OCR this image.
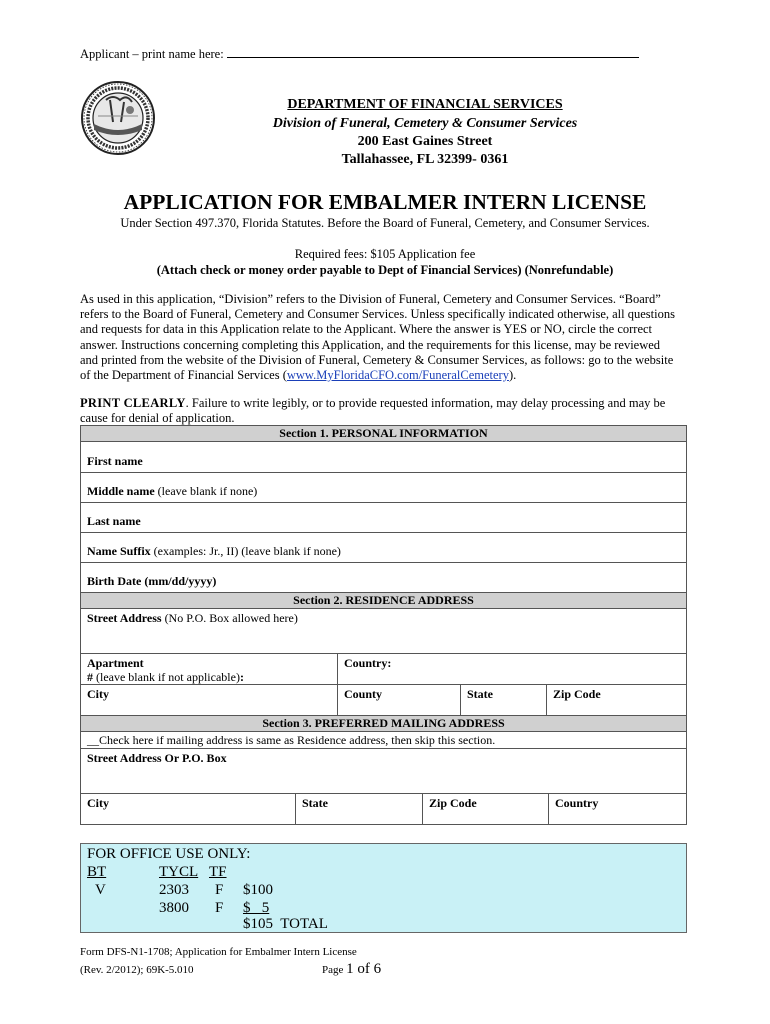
Applicant – print name here:
DEPARTMENT OF FINANCIAL SERVICES
Division of Funeral, Cemetery & Consumer Services
200 East Gaines Street
Tallahassee, FL 32399- 0361
APPLICATION FOR EMBALMER INTERN LICENSE
Under Section 497.370, Florida Statutes. Before the Board of Funeral, Cemetery, and Consumer Services.
Required fees: $105 Application fee
(Attach check or money order payable to Dept of Financial Services) (Nonrefundable)
As used in this application, “Division” refers to the Division of Funeral, Cemetery and Consumer Services. “Board” refers to the Board of Funeral, Cemetery and Consumer Services. Unless specifically indicated otherwise, all questions and requests for data in this Application relate to the Applicant. Where the answer is YES or NO, circle the correct answer. Instructions concerning completing this Application, and the requirements for this license, may be reviewed and printed from the website of the Division of Funeral, Cemetery & Consumer Services, as follows: go to the website of the Department of Financial Services (www.MyFloridaCFO.com/FuneralCemetery).
PRINT CLEARLY. Failure to write legibly, or to provide requested information, may delay processing and may be cause for denial of application.
Section 1. PERSONAL INFORMATION
First name
Middle name (leave blank if none)
Last name
Name Suffix (examples: Jr., II) (leave blank if none)
Birth Date (mm/dd/yyyy)
Section 2. RESIDENCE ADDRESS
Street Address (No P.O. Box allowed here)
Apartment
# (leave blank if not applicable):
Country:
City	County	State	Zip Code
Section 3. PREFERRED MAILING ADDRESS
__Check here if mailing address is same as Residence address, then skip this section.
Street Address Or P.O. Box
City	State	Zip Code	Country
FOR OFFICE USE ONLY:
BT	TYCL TF
V	2303 F $100
3800 F $   5
$105  TOTAL
Form DFS-N1-1708; Application for Embalmer Intern License
(Rev. 2/2012); 69K-5.010	Page 1 of 6
